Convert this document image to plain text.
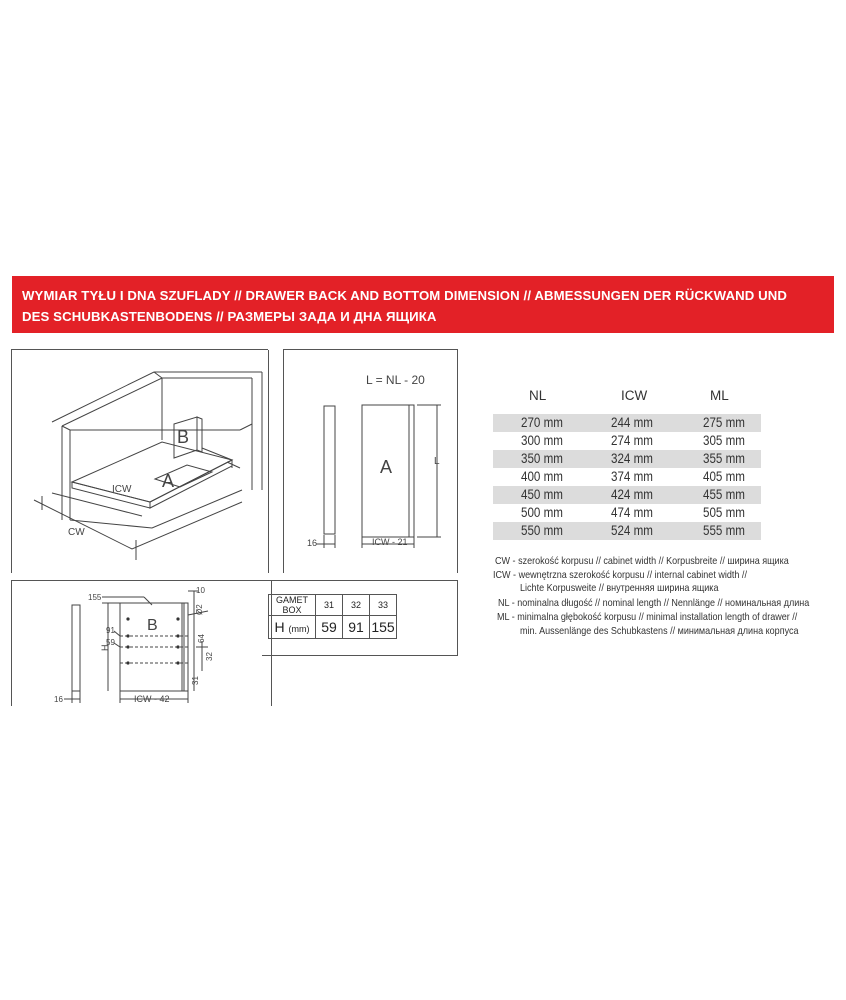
WYMIAR TYŁU I DNA SZUFLADY // DRAWER BACK AND BOTTOM DIMENSION // ABMESSUNGEN DER RÜCKWAND UND
DES SCHUBKASTENBODENS // РАЗМЕРЫ ЗАДА И ДНА ЯЩИКА
B
A
ICW
CW
L = NL - 20
A	L
16	ICW - 21
155
10
Ø2
B
H
91
59	64
32
31
16	ICW - 42
GAMET BOX	31	32	33
H (mm)	59	91	155
NL	ICW	ML
270 mm	244 mm	275 mm
300 mm	274 mm	305 mm
350 mm	324 mm	355 mm
400 mm	374 mm	405 mm
450 mm	424 mm	455 mm
500 mm	474 mm	505 mm
550 mm	524 mm	555 mm
CW - szerokość korpusu // cabinet width // Korpusbreite // ширина ящика
ICW - wewnętrzna szerokość korpusu // internal cabinet width //
Lichte Korpusweite // внутренняя ширина ящика
NL - nominalna długość // nominal length // Nennlänge // номинальная длина
ML - minimalna głębokość korpusu // minimal installation length of drawer //
min. Aussenlänge des Schubkastens // минимальная длина корпуса
